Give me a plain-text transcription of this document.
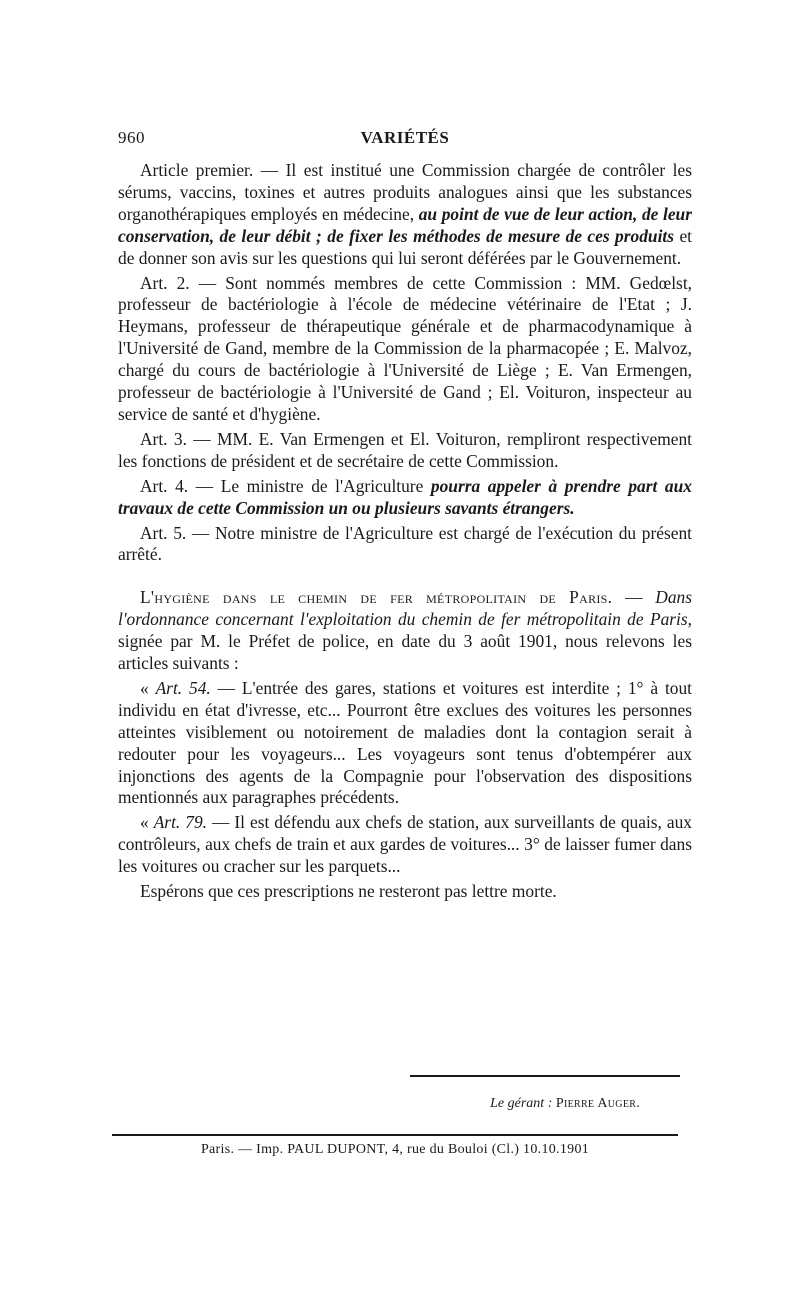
960	VARIÉTÉS

Article premier. — Il est institué une Commission chargée de contrôler les sérums, vaccins, toxines et autres produits analogues ainsi que les substances organothérapiques employés en médecine, au point de vue de leur action, de leur conservation, de leur débit ; de fixer les méthodes de mesure de ces produits et de donner son avis sur les questions qui lui seront déférées par le Gouvernement.

Art. 2. — Sont nommés membres de cette Commission : MM. Gedœlst, professeur de bactériologie à l'école de médecine vétérinaire de l'Etat ; J. Heymans, professeur de thérapeutique générale et de pharmacodynamique à l'Université de Gand, membre de la Commission de la pharmacopée ; E. Malvoz, chargé du cours de bactériologie à l'Université de Liège ; E. Van Ermengen, professeur de bactériologie à l'Université de Gand ; El. Voituron, inspecteur au service de santé et d'hygiène.

Art. 3. — MM. E. Van Ermengen et El. Voituron, rempliront respectivement les fonctions de président et de secrétaire de cette Commission.

Art. 4. — Le ministre de l'Agriculture pourra appeler à prendre part aux travaux de cette Commission un ou plusieurs savants étrangers.

Art. 5. — Notre ministre de l'Agriculture est chargé de l'exécution du présent arrêté.

L'hygiène dans le chemin de fer métropolitain de Paris. — Dans l'ordonnance concernant l'exploitation du chemin de fer métropolitain de Paris, signée par M. le Préfet de police, en date du 3 août 1901, nous relevons les articles suivants :

« Art. 54. — L'entrée des gares, stations et voitures est interdite ; 1° à tout individu en état d'ivresse, etc... Pourront être exclues des voitures les personnes atteintes visiblement ou notoirement de maladies dont la contagion serait à redouter pour les voyageurs... Les voyageurs sont tenus d'obtempérer aux injonctions des agents de la Compagnie pour l'observation des dispositions mentionnés aux paragraphes précédents.

« Art. 79. — Il est défendu aux chefs de station, aux surveillants de quais, aux contrôleurs, aux chefs de train et aux gardes de voitures... 3° de laisser fumer dans les voitures ou cracher sur les parquets...

Espérons que ces prescriptions ne resteront pas lettre morte.

Le gérant : Pierre Auger.
Paris. — Imp. PAUL DUPONT, 4, rue du Bouloi (Cl.) 10.10.1901
